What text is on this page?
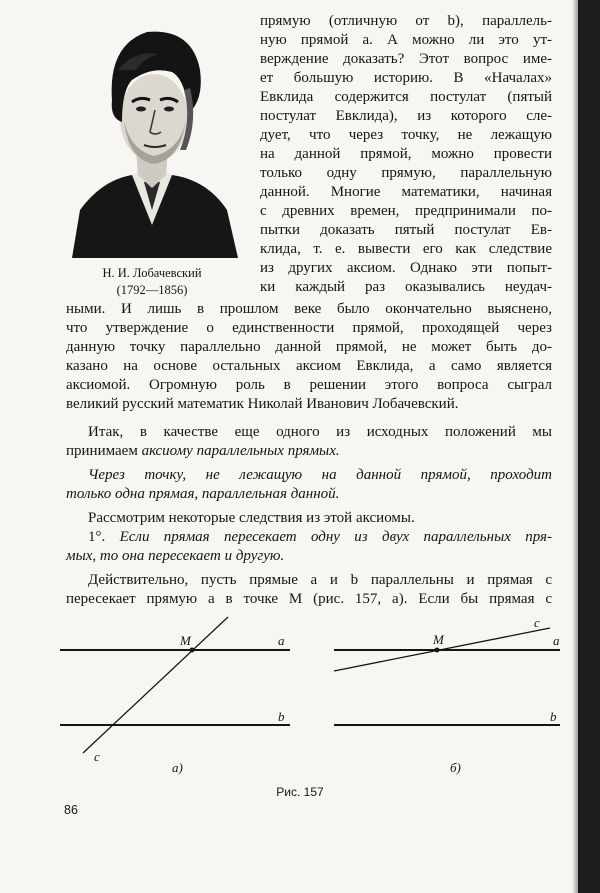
Н. И. Лобачевский
(1792—1856)
прямую (отличную от b), параллель-
ную прямой a. А можно ли это ут-
верждение доказать? Этот вопрос име-
ет большую историю. В «Началах»
Евклида содержится постулат (пятый
постулат Евклида), из которого сле-
дует, что через точку, не лежащую
на данной прямой, можно провести
только одну прямую, параллельную
данной. Многие математики, начиная
с древних времен, предпринимали по-
пытки доказать пятый постулат Ев-
клида, т. е. вывести его как следствие
из других аксиом. Однако эти попыт-
ки каждый раз оказывались неудач-
ными. И лишь в прошлом веке было окончательно выяснено,
что утверждение о единственности прямой, проходящей через
данную точку параллельно данной прямой, не может быть до-
казано на основе остальных аксиом Евклида, а само является
аксиомой. Огромную роль в решении этого вопроса сыграл
великий русский математик Николай Иванович Лобачевский.
Итак, в качестве еще одного из исходных положений мы
принимаем аксиому параллельных прямых.
Через точку, не лежащую на данной прямой, проходит
только одна прямая, параллельная данной.
Рассмотрим некоторые следствия из этой аксиомы.
1°. Если прямая пересекает одну из двух параллельных пря-
мых, то она пересекает и другую.
Действительно, пусть прямые a и b параллельны и прямая c
пересекает прямую a в точке M (рис. 157, a). Если бы прямая c
M	a
b
c
а)
M	a
c
b
б)
Рис. 157
86
